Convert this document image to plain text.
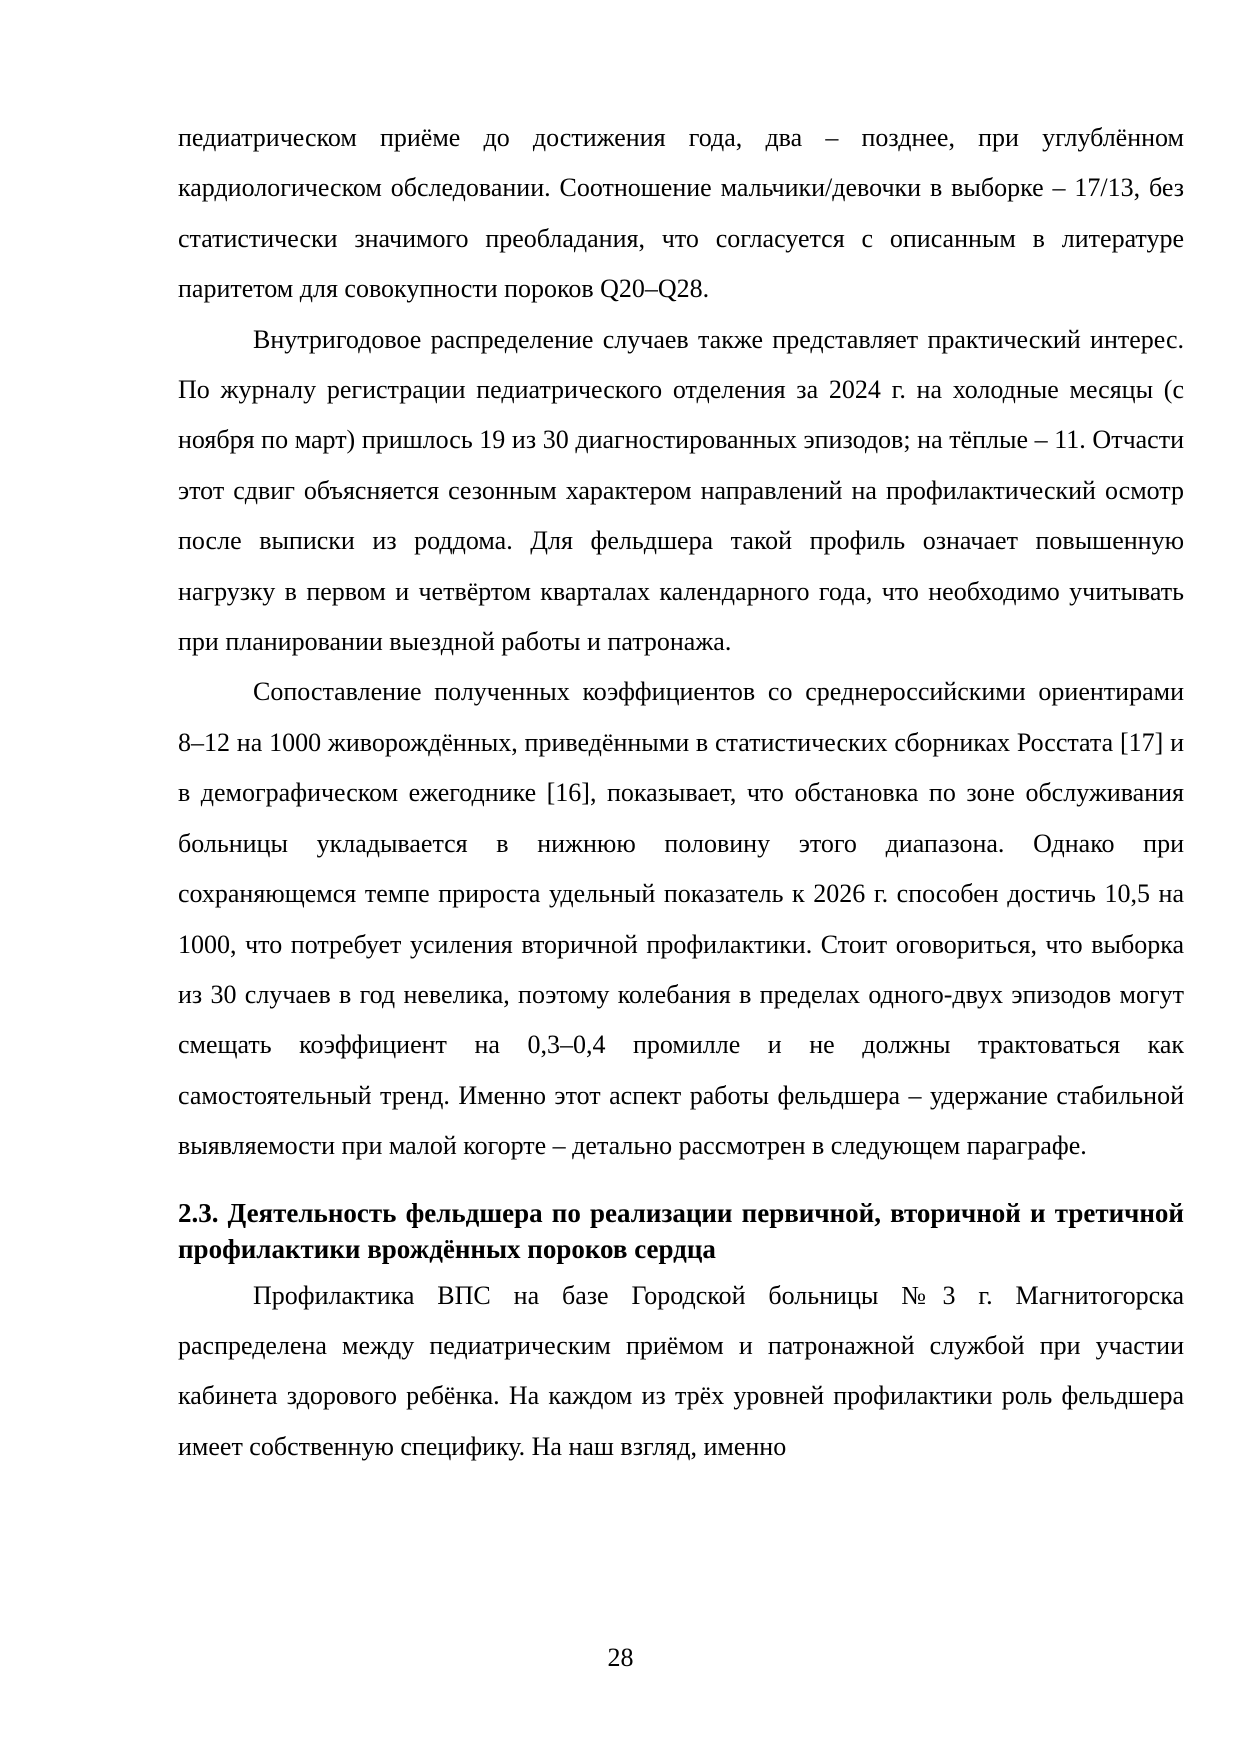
педиатрическом приёме до достижения года, два – позднее, при углублённом кардиологическом обследовании. Соотношение мальчики/девочки в выборке – 17/13, без статистически значимого преобладания, что согласуется с описанным в литературе паритетом для совокупности пороков Q20–Q28.

Внутригодовое распределение случаев также представляет практический интерес. По журналу регистрации педиатрического отделения за 2024 г. на холодные месяцы (с ноября по март) пришлось 19 из 30 диагностированных эпизодов; на тёплые – 11. Отчасти этот сдвиг объясняется сезонным характером направлений на профилактический осмотр после выписки из роддома. Для фельдшера такой профиль означает повышенную нагрузку в первом и четвёртом кварталах календарного года, что необходимо учитывать при планировании выездной работы и патронажа.

Сопоставление полученных коэффициентов со среднероссийскими ориентирами 8–12 на 1000 живорождённых, приведёнными в статистических сборниках Росстата [17] и в демографическом ежегоднике [16], показывает, что обстановка по зоне обслуживания больницы укладывается в нижнюю половину этого диапазона. Однако при сохраняющемся темпе прироста удельный показатель к 2026 г. способен достичь 10,5 на 1000, что потребует усиления вторичной профилактики. Стоит оговориться, что выборка из 30 случаев в год невелика, поэтому колебания в пределах одного-двух эпизодов могут смещать коэффициент на 0,3–0,4 промилле и не должны трактоваться как самостоятельный тренд. Именно этот аспект работы фельдшера – удержание стабильной выявляемости при малой когорте – детально рассмотрен в следующем параграфе.

2.3. Деятельность фельдшера по реализации первичной, вторичной и третичной профилактики врождённых пороков сердца

Профилактика ВПС на базе Городской больницы №3 г. Магнитогорска распределена между педиатрическим приёмом и патронажной службой при участии кабинета здорового ребёнка. На каждом из трёх уровней профилактики роль фельдшера имеет собственную специфику. На наш взгляд, именно

28
